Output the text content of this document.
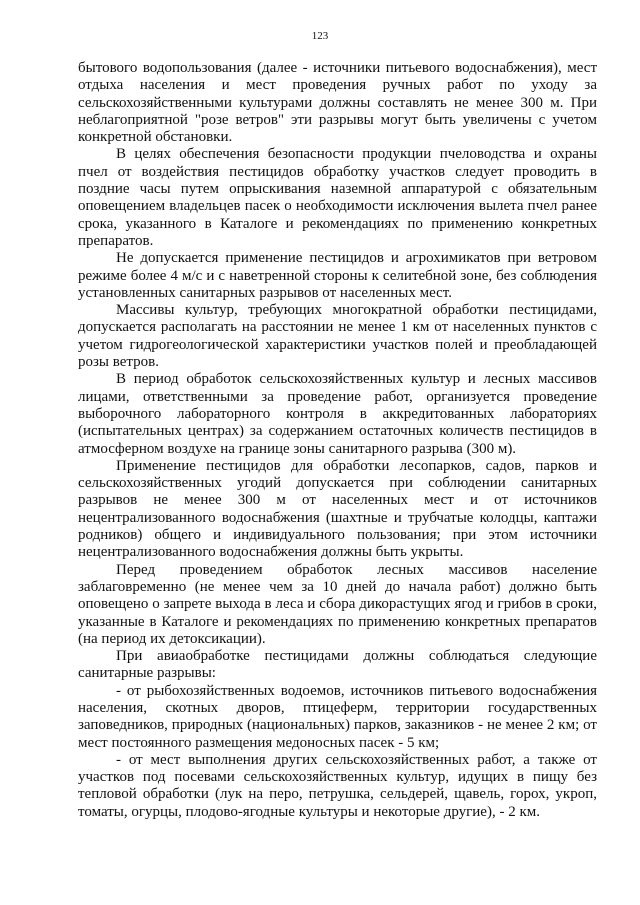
123

бытового водопользования (далее - источники питьевого водоснабжения), мест отдыха населения и мест проведения ручных работ по уходу за сельскохозяйственными культурами должны составлять не менее 300 м. При неблагоприятной "розе ветров" эти разрывы могут быть увеличены с учетом конкретной обстановки.

В целях обеспечения безопасности продукции пчеловодства и охраны пчел от воздействия пестицидов обработку участков следует проводить в поздние часы путем опрыскивания наземной аппаратурой с обязательным оповещением владельцев пасек о необходимости исключения вылета пчел ранее срока, указанного в Каталоге и рекомендациях по применению конкретных препаратов.

Не допускается применение пестицидов и агрохимикатов при ветровом режиме более 4 м/с и с наветренной стороны к селитебной зоне, без соблюдения установленных санитарных разрывов от населенных мест.

Массивы культур, требующих многократной обработки пестицидами, допускается располагать на расстоянии не менее 1 км от населенных пунктов с учетом гидрогеологической характеристики участков полей и преобладающей розы ветров.

В период обработок сельскохозяйственных культур и лесных массивов лицами, ответственными за проведение работ, организуется проведение выборочного лабораторного контроля в аккредитованных лабораториях (испытательных центрах) за содержанием остаточных количеств пестицидов в атмосферном воздухе на границе зоны санитарного разрыва (300 м).

Применение пестицидов для обработки лесопарков, садов, парков и сельскохозяйственных угодий допускается при соблюдении санитарных разрывов не менее 300 м от населенных мест и от источников нецентрализованного водоснабжения (шахтные и трубчатые колодцы, каптажи родников) общего и индивидуального пользования; при этом источники нецентрализованного водоснабжения должны быть укрыты.

Перед проведением обработок лесных массивов население заблаговременно (не менее чем за 10 дней до начала работ) должно быть оповещено о запрете выхода в леса и сбора дикорастущих ягод и грибов в сроки, указанные в Каталоге и рекомендациях по применению конкретных препаратов (на период их детоксикации).

При авиаобработке пестицидами должны соблюдаться следующие санитарные разрывы:

- от рыбохозяйственных водоемов, источников питьевого водоснабжения населения, скотных дворов, птицеферм, территории государственных заповедников, природных (национальных) парков, заказников - не менее 2 км; от мест постоянного размещения медоносных пасек - 5 км;

- от мест выполнения других сельскохозяйственных работ, а также от участков под посевами сельскохозяйственных культур, идущих в пищу без тепловой обработки (лук на перо, петрушка, сельдерей, щавель, горох, укроп, томаты, огурцы, плодово-ягодные культуры и некоторые другие), - 2 км.
